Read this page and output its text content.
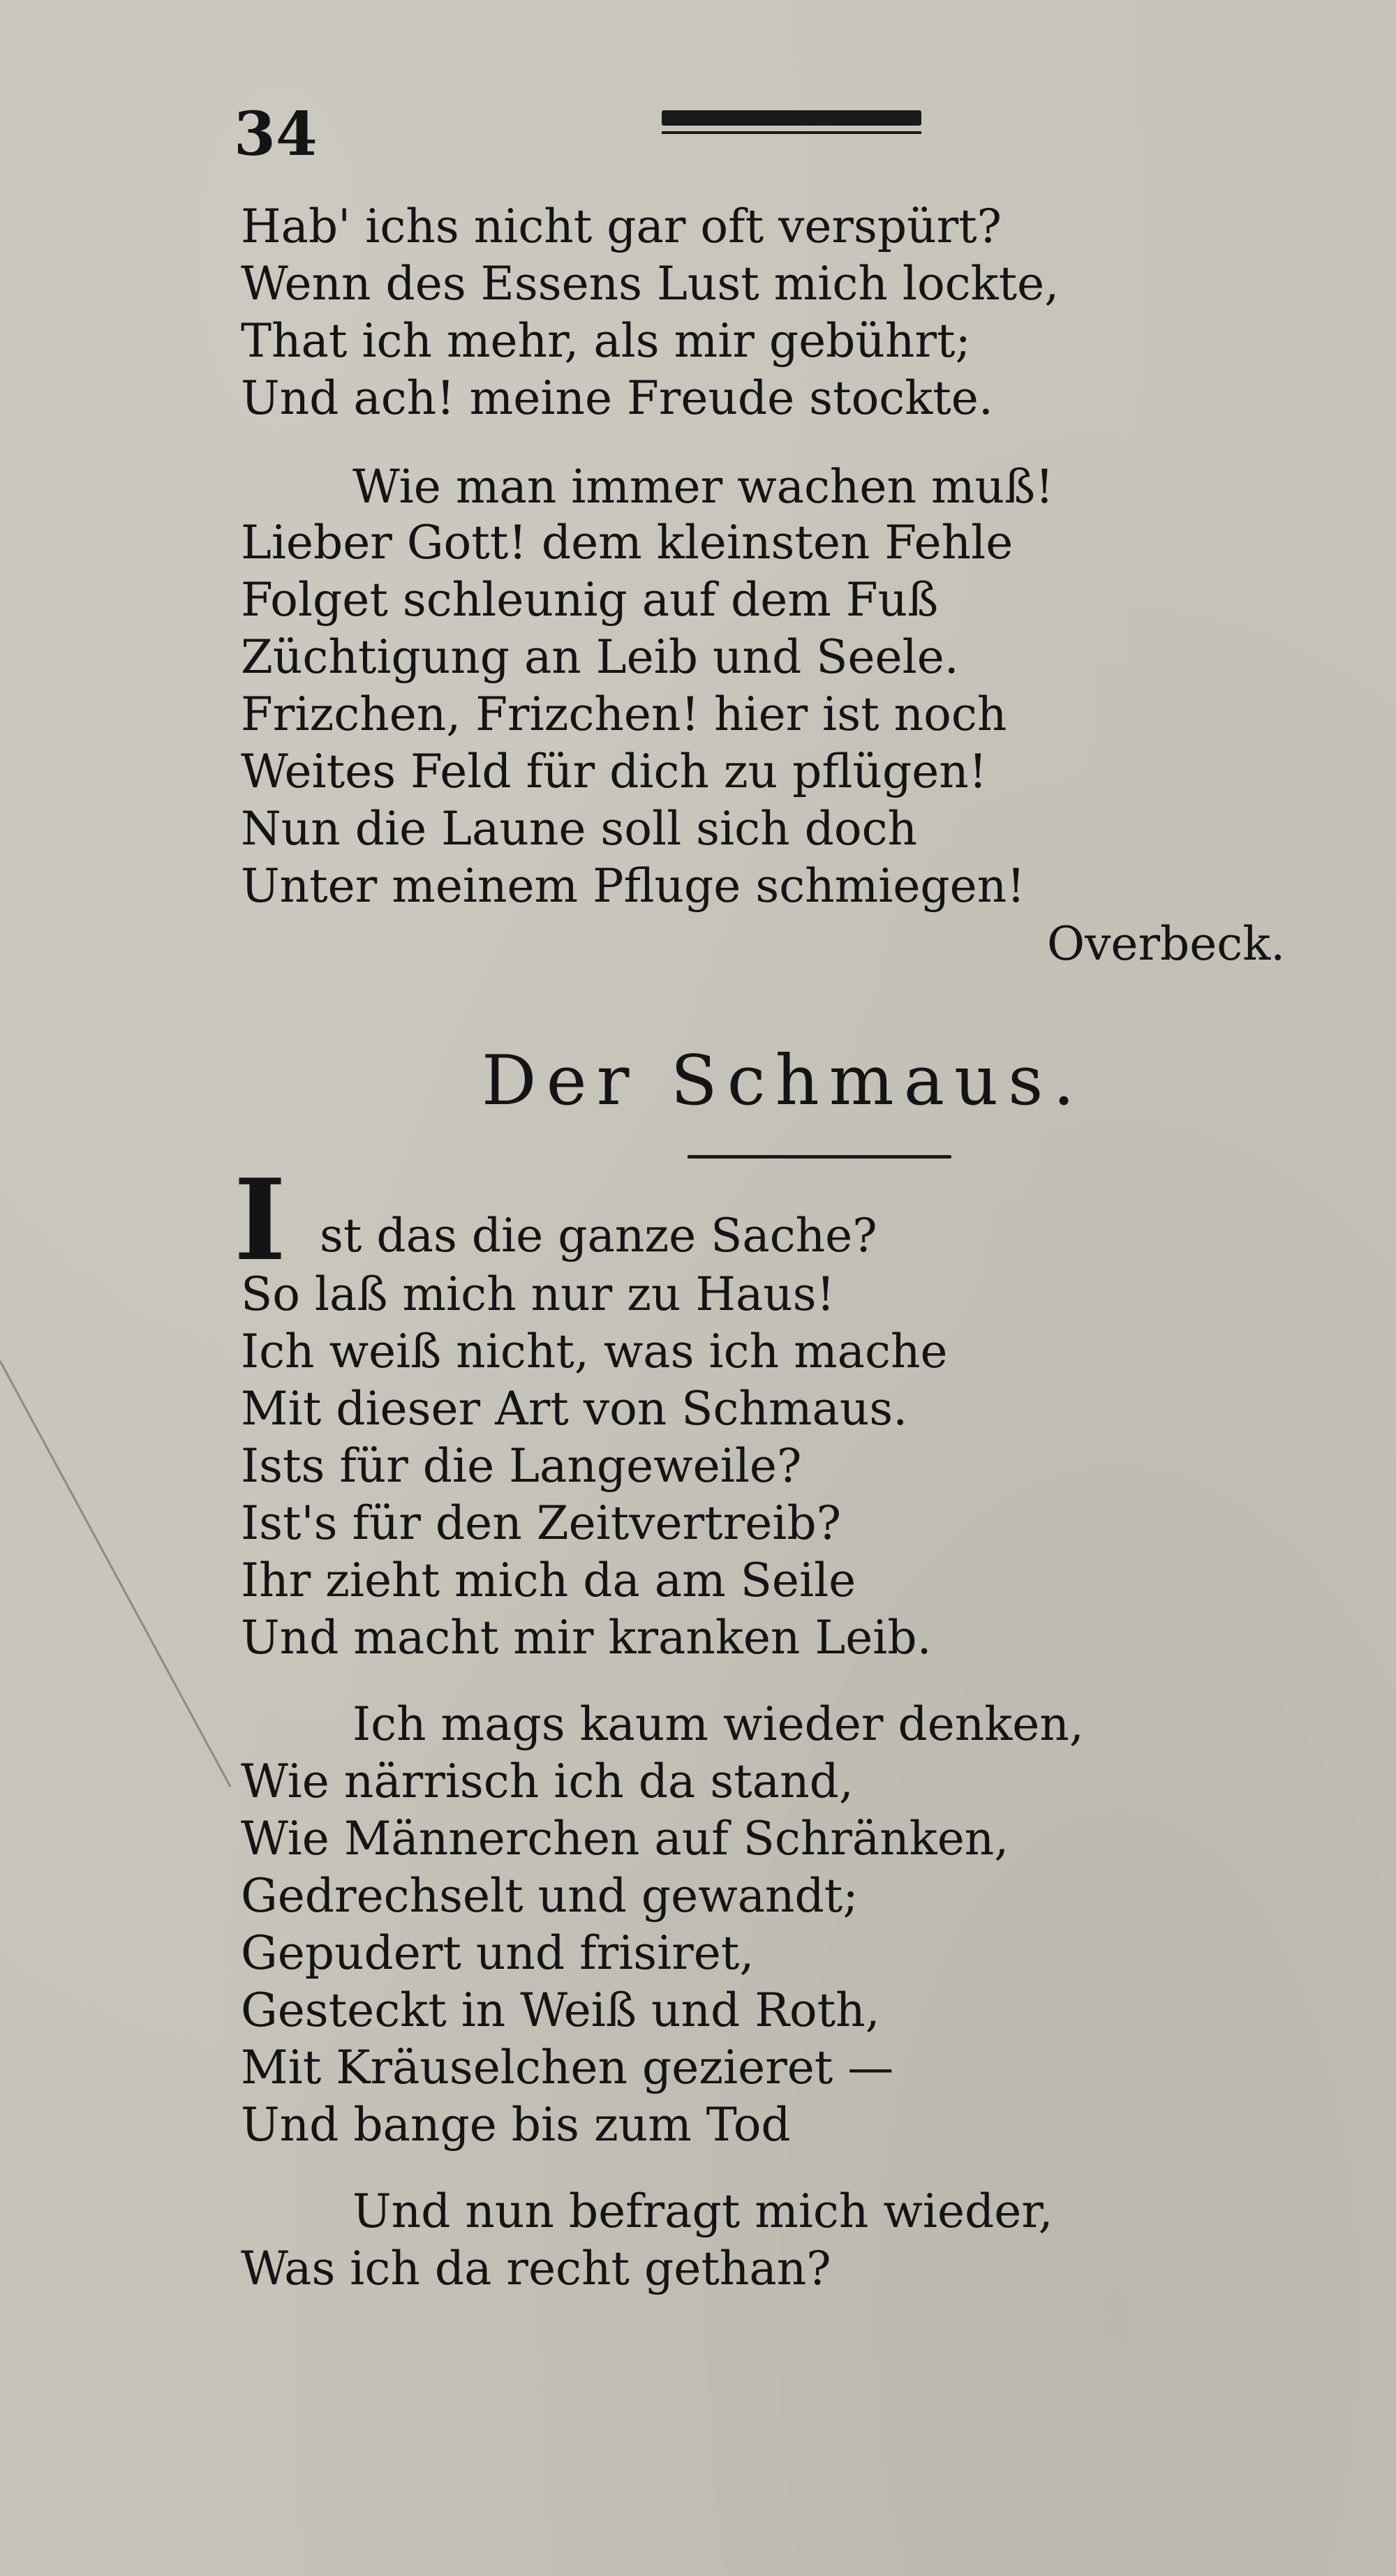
34
Hab' ichs nicht gar oft verspürt?
Wenn des Essens Lust mich lockte,
That ich mehr, als mir gebührt;
Und ach! meine Freude stockte.
Wie man immer wachen muß!
Lieber Gott! dem kleinsten Fehle
Folget schleunig auf dem Fuß
Züchtigung an Leib und Seele.
Frizchen, Frizchen! hier ist noch
Weites Feld für dich zu pflügen!
Nun die Laune soll sich doch
Unter meinem Pfluge schmiegen!
Overbeck.
Der Schmaus.
I st das die ganze Sache?
So laß mich nur zu Haus!
Ich weiß nicht, was ich mache
Mit dieser Art von Schmaus.
Ists für die Langeweile?
Ist's für den Zeitvertreib?
Ihr zieht mich da am Seile
Und macht mir kranken Leib.
Ich mags kaum wieder denken,
Wie närrisch ich da stand,
Wie Männerchen auf Schränken,
Gedrechselt und gewandt;
Gepudert und frisiret,
Gesteckt in Weiß und Roth,
Mit Kräuselchen gezieret —
Und bange bis zum Tod
Und nun befragt mich wieder,
Was ich da recht gethan?
